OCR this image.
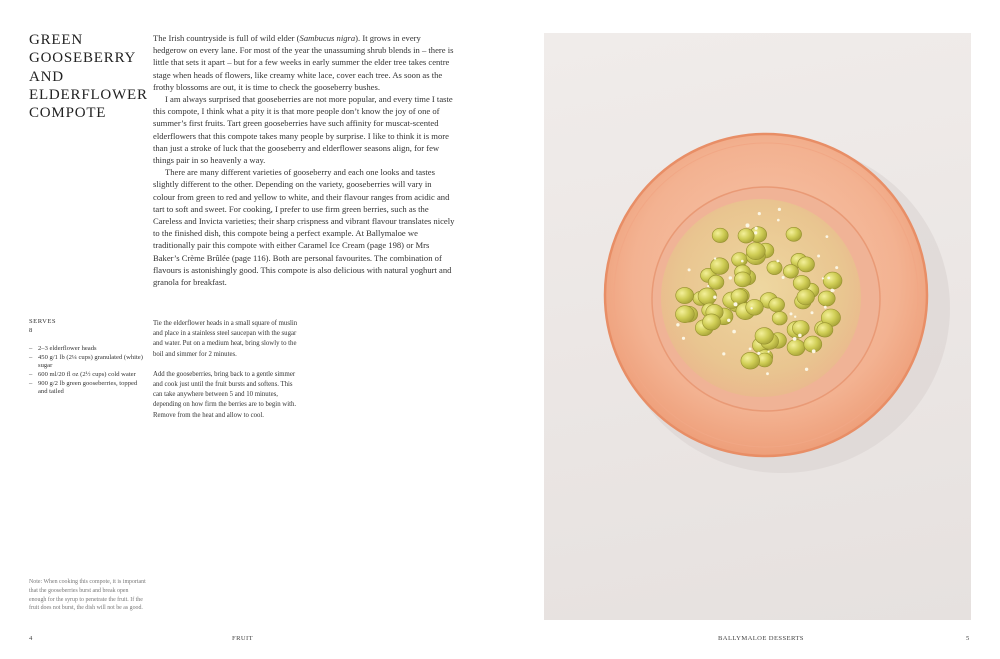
GREEN GOOSEBERRY AND ELDERFLOWER COMPOTE

The Irish countryside is full of wild elder (Sambucus nigra). It grows in every hedgerow on every lane. For most of the year the unassuming shrub blends in – there is little that sets it apart – but for a few weeks in early summer the elder tree takes centre stage when heads of flowers, like creamy white lace, cover each tree. As soon as the frothy blossoms are out, it is time to check the gooseberry bushes.

I am always surprised that gooseberries are not more popular, and every time I taste this compote, I think what a pity it is that more people don’t know the joy of one of summer’s first fruits. Tart green gooseberries have such affinity for muscat-scented elderflowers that this compote takes many people by surprise. I like to think it is more than just a stroke of luck that the gooseberry and elderflower seasons align, for few things pair in so heavenly a way.

There are many different varieties of gooseberry and each one looks and tastes slightly different to the other. Depending on the variety, gooseberries will vary in colour from green to red and yellow to white, and their flavour ranges from acidic and tart to soft and sweet. For cooking, I prefer to use firm green berries, such as the Careless and Invicta varieties; their sharp crispness and vibrant flavour translates nicely to the finished dish, this compote being a perfect example. At Ballymaloe we traditionally pair this compote with either Caramel Ice Cream (page 198) or Mrs Baker’s Crème Brûlée (page 116). Both are personal favourites. The combination of flavours is astonishingly good. This compote is also delicious with natural yoghurt and granola for breakfast.

SERVES
8
– 2–3 elderflower heads
– 450 g/1 lb (2¼ cups) granulated (white) sugar
– 600 ml/20 fl oz (2½ cups) cold water
– 900 g/2 lb green gooseberries, topped and tailed

Tie the elderflower heads in a small square of muslin and place in a stainless steel saucepan with the sugar and water. Put on a medium heat, bring slowly to the boil and simmer for 2 minutes.

Add the gooseberries, bring back to a gentle simmer and cook just until the fruit bursts and softens. This can take anywhere between 5 and 10 minutes, depending on how firm the berries are to begin with. Remove from the heat and allow to cool.

Note: When cooking this compote, it is important that the gooseberries burst and break open enough for the syrup to penetrate the fruit. If the fruit does not burst, the dish will not be as good.
4	FRUIT	BALLYMALOE DESSERTS	5
